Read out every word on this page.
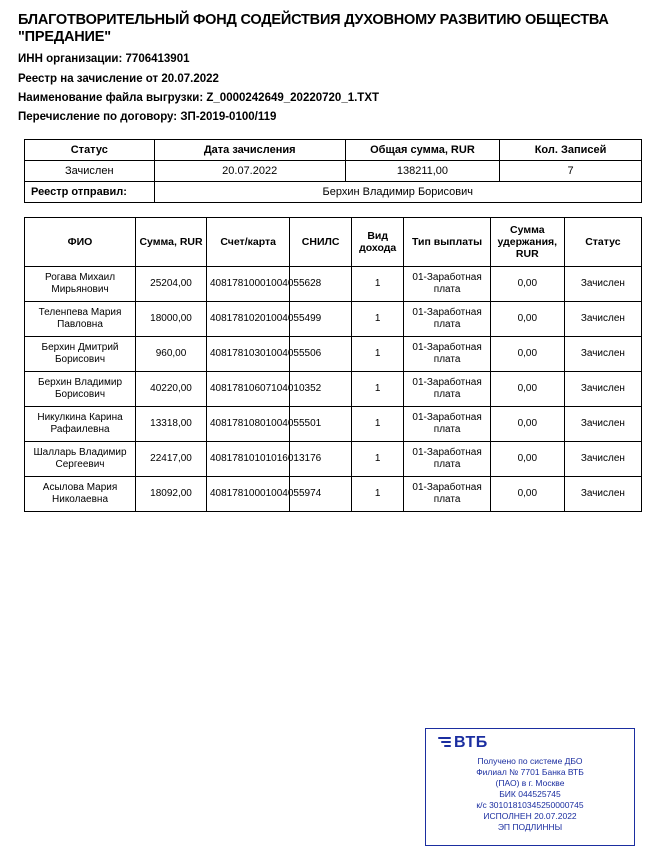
БЛАГОТВОРИТЕЛЬНЫЙ ФОНД СОДЕЙСТВИЯ ДУХОВНОМУ РАЗВИТИЮ ОБЩЕСТВА "ПРЕДАНИЕ"
ИНН организации: 7706413901
Реестр на зачисление от 20.07.2022
Наименование файла выгрузки: Z_0000242649_20220720_1.TXT
Перечисление по договору: ЗП-2019-0100/119
Статус	Дата зачисления	Общая сумма, RUR	Кол. Записей
Зачислен	20.07.2022	138211,00	7
Реестр отправил:	Берхин Владимир Борисович		
ФИО	Сумма, RUR	Счет/карта	СНИЛС	Вид дохода	Тип выплаты	Сумма удержания, RUR	Статус
Рогава Михаил Мирьянович	25204,00	40817810001004055628		1	01-Заработная плата	0,00	Зачислен
Теленпева Мария Павловна	18000,00	40817810201004055499		1	01-Заработная плата	0,00	Зачислен
Берхин Дмитрий Борисович	960,00	40817810301004055506		1	01-Заработная плата	0,00	Зачислен
Берхин Владимир Борисович	40220,00	40817810607104010352		1	01-Заработная плата	0,00	Зачислен
Никулкина Карина Рафаилевна	13318,00	40817810801004055501		1	01-Заработная плата	0,00	Зачислен
Шалларь Владимир Сергеевич	22417,00	40817810101016013176		1	01-Заработная плата	0,00	Зачислен
Асылова Мария Николаевна	18092,00	40817810001004055974		1	01-Заработная плата	0,00	Зачислен
ВТБ
Получено по системе ДБО
Филиал № 7701 Банка ВТБ
(ПАО) в г. Москве
БИК 044525745
к/с 30101810345250000745
ИСПОЛНЕН 20.07.2022
ЭП ПОДЛИННЫ
